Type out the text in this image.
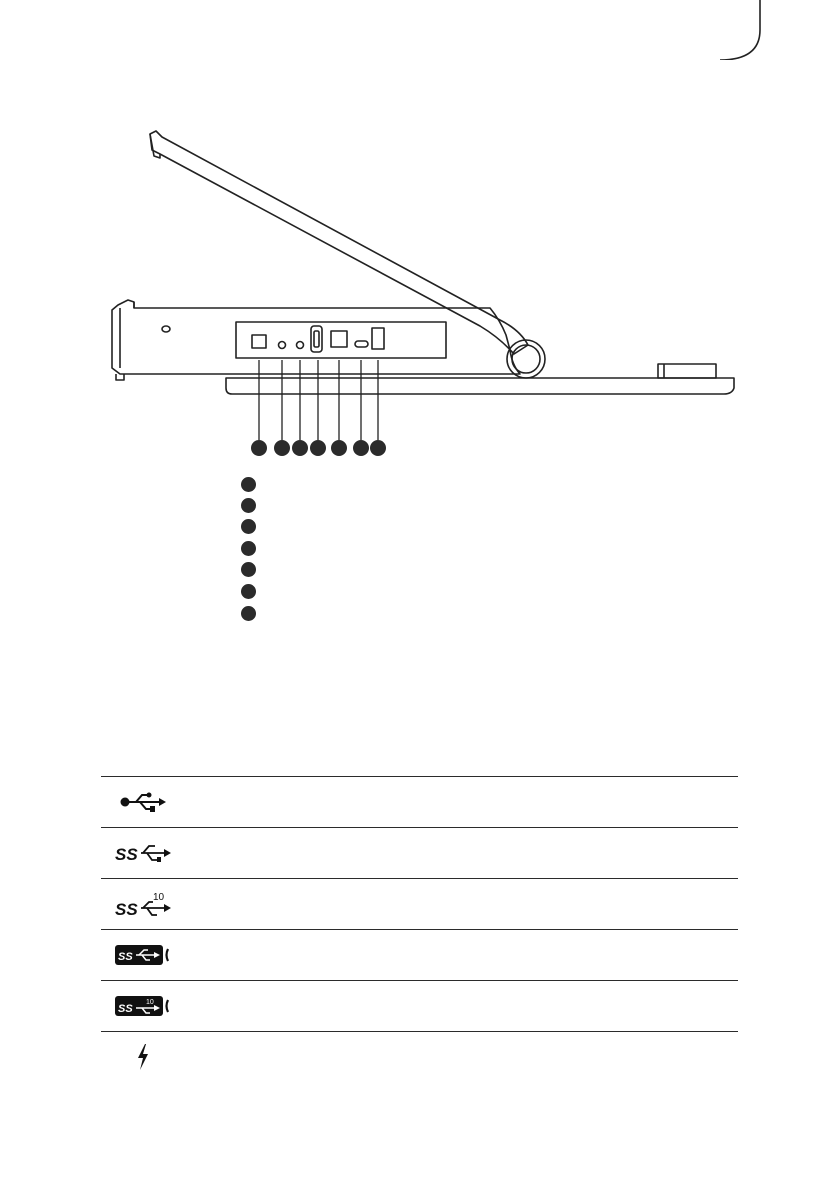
SS
SS
10
SS
SS
10
